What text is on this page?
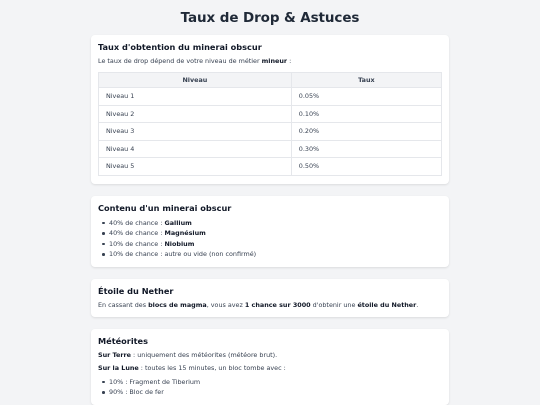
Taux de Drop & Astuces
Taux d'obtention du minerai obscur

Le taux de drop dépend de votre niveau de métier mineur :

Niveau	Taux
Niveau 1	0.05%
Niveau 2	0.10%
Niveau 3	0.20%
Niveau 4	0.30%
Niveau 5	0.50%
Contenu d'un minerai obscur
40% de chance : Gallium
40% de chance : Magnésium
10% de chance : Niobium
10% de chance : autre ou vide (non confirmé)
Étoile du Nether

En cassant des blocs de magma, vous avez 1 chance sur 3000 d'obtenir une étoile du Nether.

Météorites

Sur Terre : uniquement des météorites (météore brut).

Sur la Lune : toutes les 15 minutes, un bloc tombe avec :

10% : Fragment de Tiberium
90% : Bloc de fer
